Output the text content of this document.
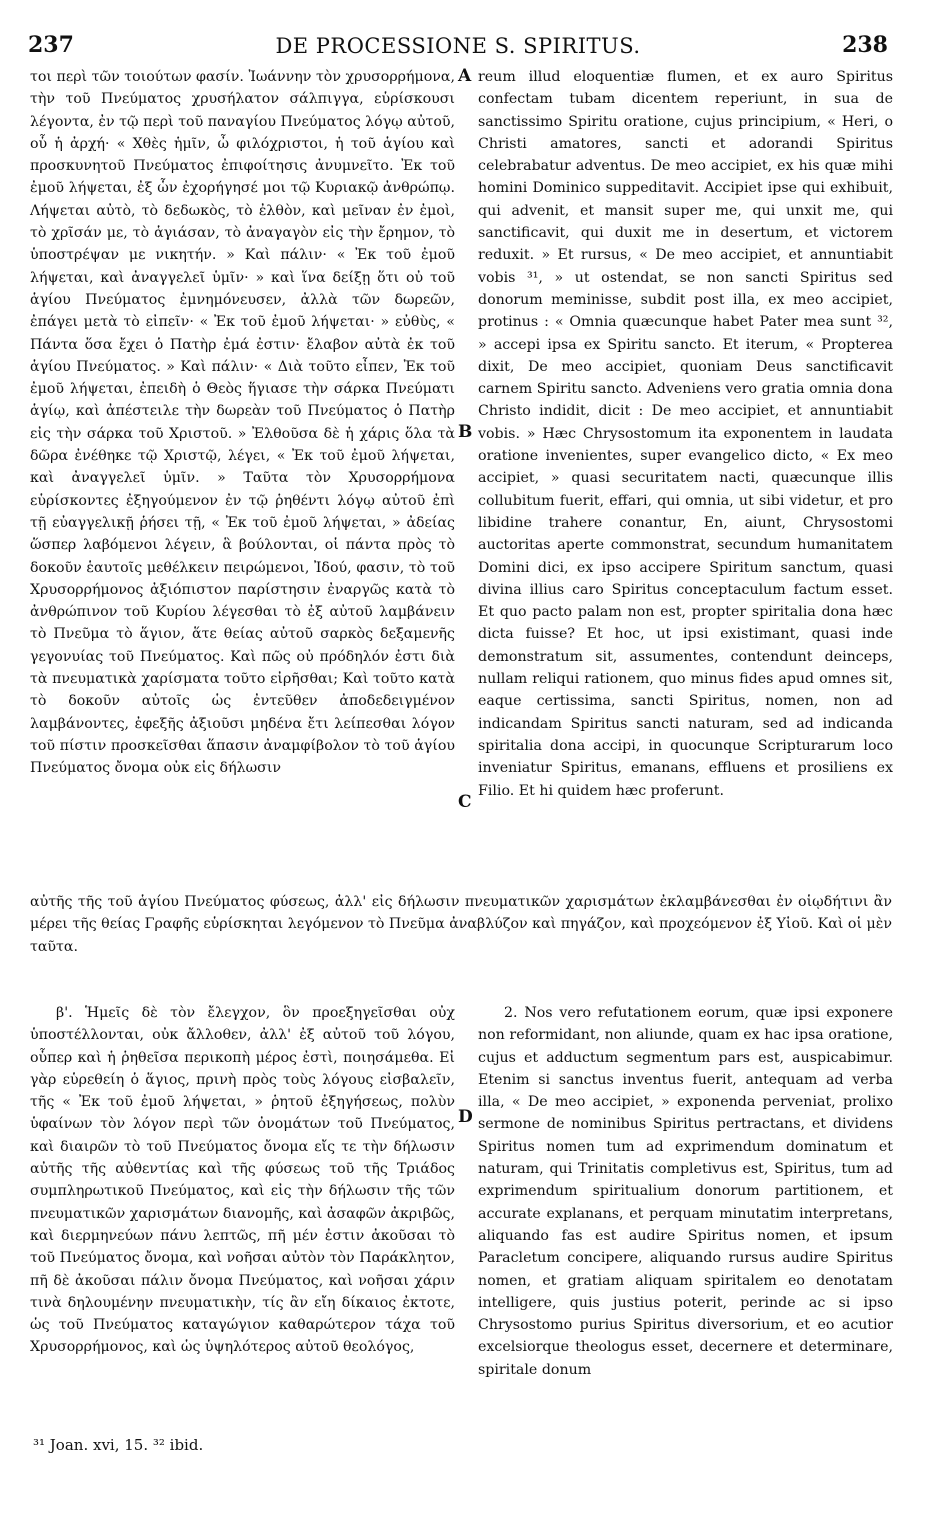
237	DE PROCESSIONE S. SPIRITUS.	238
A
B
C
D

τοι περὶ τῶν τοιούτων φασίν. Ἰωάννην τὸν χρυσορρήμονα, τὴν τοῦ Πνεύματος χρυσήλατον σάλπιγγα, εὑρίσκουσι λέγοντα, ἐν τῷ περὶ τοῦ παναγίου Πνεύματος λόγῳ αὐτοῦ, οὗ ἡ ἀρχή· « Χθὲς ἡμῖν, ὦ φιλόχριστοι, ἡ τοῦ ἁγίου καὶ προσκυνητοῦ Πνεύματος ἐπιφοίτησις ἀνυμνεῖτο. Ἐκ τοῦ ἐμοῦ λήψεται, ἐξ ὧν ἐχορήγησέ μοι τῷ Κυριακῷ ἀνθρώπῳ. Λήψεται αὐτὸ, τὸ δεδωκὸς, τὸ ἐλθὸν, καὶ μεῖναν ἐν ἐμοὶ, τὸ χρῖσάν με, τὸ ἁγιάσαν, τὸ ἀναγαγὸν εἰς τὴν ἔρημον, τὸ ὑποστρέψαν με νικητήν. » Καὶ πάλιν· « Ἐκ τοῦ ἐμοῦ λήψεται, καὶ ἀναγγελεῖ ὑμῖν· » καὶ ἵνα δείξῃ ὅτι οὐ τοῦ ἁγίου Πνεύματος ἐμνημόνευσεν, ἀλλὰ τῶν δωρεῶν, ἐπάγει μετὰ τὸ εἰπεῖν· « Ἐκ τοῦ ἐμοῦ λήψεται· » εὐθὺς, « Πάντα ὅσα ἔχει ὁ Πατὴρ ἐμά ἐστιν· ἔλαβον αὐτὰ ἐκ τοῦ ἁγίου Πνεύματος. » Καὶ πάλιν· « Διὰ τοῦτο εἶπεν, Ἐκ τοῦ ἐμοῦ λήψεται, ἐπειδὴ ὁ Θεὸς ἥγιασε τὴν σάρκα Πνεύματι ἁγίῳ, καὶ ἀπέστειλε τὴν δωρεὰν τοῦ Πνεύματος ὁ Πατὴρ εἰς τὴν σάρκα τοῦ Χριστοῦ. » Ἐλθοῦσα δὲ ἡ χάρις ὅλα τὰ δῶρα ἐνέθηκε τῷ Χριστῷ, λέγει, « Ἐκ τοῦ ἐμοῦ λήψεται, καὶ ἀναγγελεῖ ὑμῖν. » Ταῦτα τὸν Χρυσορρήμονα εὑρίσκοντες ἐξηγούμενον ἐν τῷ ῥηθέντι λόγῳ αὐτοῦ ἐπὶ τῇ εὐαγγελικῇ ῥήσει τῇ, « Ἐκ τοῦ ἐμοῦ λήψεται, » ἀδείας ὥσπερ λαβόμενοι λέγειν, ἃ βούλονται, οἱ πάντα πρὸς τὸ δοκοῦν ἑαυτοῖς μεθέλκειν πειρώμενοι, Ἰδού, φασιν, τὸ τοῦ Χρυσορρήμονος ἀξιόπιστον παρίστησιν ἐναργῶς κατὰ τὸ ἀνθρώπινον τοῦ Κυρίου λέγεσθαι τὸ ἐξ αὐτοῦ λαμβάνειν τὸ Πνεῦμα τὸ ἅγιον, ἅτε θείας αὐτοῦ σαρκὸς δεξαμενῆς γεγονυίας τοῦ Πνεύματος. Καὶ πῶς οὐ πρόδηλόν ἐστι διὰ τὰ πνευματικὰ χαρίσματα τοῦτο εἰρῆσθαι; Καὶ τοῦτο κατὰ τὸ δοκοῦν αὐτοῖς ὡς ἐντεῦθεν ἀποδεδειγμένον λαμβάνοντες, ἐφεξῆς ἀξιοῦσι μηδένα ἔτι λείπεσθαι λόγον τοῦ πίστιν προσκεῖσθαι ἅπασιν ἀναμφίβολον τὸ τοῦ ἁγίου Πνεύματος ὄνομα οὐκ εἰς δήλωσιν

reum illud eloquentiæ flumen, et ex auro Spiritus confectam tubam dicentem reperiunt, in sua de sanctissimo Spiritu oratione, cujus principium, « Heri, o Christi amatores, sancti et adorandi Spiritus celebrabatur adventus. De meo accipiet, ex his quæ mihi homini Dominico suppeditavit. Accipiet ipse qui exhibuit, qui advenit, et mansit super me, qui unxit me, qui sanctificavit, qui duxit me in desertum, et victorem reduxit. » Et rursus, « De meo accipiet, et annuntiabit vobis ³¹, » ut ostendat, se non sancti Spiritus sed donorum meminisse, subdit post illa, ex meo accipiet, protinus : « Omnia quæcunque habet Pater mea sunt ³², » accepi ipsa ex Spiritu sancto. Et iterum, « Propterea dixit, De meo accipiet, quoniam Deus sanctificavit carnem Spiritu sancto. Adveniens vero gratia omnia dona Christo indidit, dicit : De meo accipiet, et annuntiabit vobis. » Hæc Chrysostomum ita exponentem in laudata oratione invenientes, super evangelico dicto, « Ex meo accipiet, » quasi securitatem nacti, quæcunque illis collubitum fuerit, effari, qui omnia, ut sibi videtur, et pro libidine trahere conantur, En, aiunt, Chrysostomi auctoritas aperte commonstrat, secundum humanitatem Domini dici, ex ipso accipere Spiritum sanctum, quasi divina illius caro Spiritus conceptaculum factum esset. Et quo pacto palam non est, propter spiritalia dona hæc dicta fuisse? Et hoc, ut ipsi existimant, quasi inde demonstratum sit, assumentes, contendunt deinceps, nullam reliqui rationem, quo minus fides apud omnes sit, eaque certissima, sancti Spiritus, nomen, non ad indicandam Spiritus sancti naturam, sed ad indicanda spiritalia dona accipi, in quocunque Scripturarum loco inveniatur Spiritus, emanans, effluens et prosiliens ex Filio. Et hi quidem hæc proferunt.

αὐτῆς τῆς τοῦ ἁγίου Πνεύματος φύσεως, ἀλλ' εἰς δήλωσιν πνευματικῶν χαρισμάτων ἐκλαμβάνεσθαι ἐν οἱῳδήτινι ἂν μέρει τῆς θείας Γραφῆς εὑρίσκηται λεγόμενον τὸ Πνεῦμα ἀναβλύζον καὶ πηγάζον, καὶ προχεόμενον ἐξ Υἱοῦ. Καὶ οἱ μὲν ταῦτα.

β'. Ἡμεῖς δὲ τὸν ἔλεγχον, ὃν προεξηγεῖσθαι οὐχ ὑποστέλλονται, οὐκ ἄλλοθεν, ἀλλ' ἐξ αὐτοῦ τοῦ λόγου, οὗπερ καὶ ἡ ῥηθεῖσα περικοπὴ μέρος ἐστὶ, ποιησάμεθα. Εἰ γὰρ εὑρεθείη ὁ ἅγιος, πρινὴ πρὸς τοὺς λόγους εἰσβαλεῖν, τῆς « Ἐκ τοῦ ἐμοῦ λήψεται, » ῥητοῦ ἐξηγήσεως, πολὺν ὑφαίνων τὸν λόγον περὶ τῶν ὀνομάτων τοῦ Πνεύματος, καὶ διαιρῶν τὸ τοῦ Πνεύματος ὄνομα εἴς τε τὴν δήλωσιν αὐτῆς τῆς αὐθεντίας καὶ τῆς φύσεως τοῦ τῆς Τριάδος συμπληρωτικοῦ Πνεύματος, καὶ εἰς τὴν δήλωσιν τῆς τῶν πνευματικῶν χαρισμάτων διανομῆς, καὶ ἀσαφῶν ἀκριβῶς, καὶ διερμηνεύων πάνυ λεπτῶς, πῆ μέν ἐστιν ἀκοῦσαι τὸ τοῦ Πνεύματος ὄνομα, καὶ νοῆσαι αὐτὸν τὸν Παράκλητον, πῆ δὲ ἀκοῦσαι πάλιν ὄνομα Πνεύματος, καὶ νοῆσαι χάριν τινὰ δηλουμένην πνευματικὴν, τίς ἂν εἴη δίκαιος ἐκτοτε, ὡς τοῦ Πνεύματος καταγώγιον καθαρώτερον τάχα τοῦ Χρυσορρήμονος, καὶ ὡς ὑψηλότερος αὐτοῦ θεολόγος,

2. Nos vero refutationem eorum, quæ ipsi exponere non reformidant, non aliunde, quam ex hac ipsa oratione, cujus et adductum segmentum pars est, auspicabimur. Etenim si sanctus inventus fuerit, antequam ad verba illa, « De meo accipiet, » exponenda perveniat, prolixo sermone de nominibus Spiritus pertractans, et dividens Spiritus nomen tum ad exprimendum dominatum et naturam, qui Trinitatis completivus est, Spiritus, tum ad exprimendum spiritualium donorum partitionem, et accurate explanans, et perquam minutatim interpretans, aliquando fas est audire Spiritus nomen, et ipsum Paracletum concipere, aliquando rursus audire Spiritus nomen, et gratiam aliquam spiritalem eo denotatam intelligere, quis justius poterit, perinde ac si ipso Chrysostomo purius Spiritus diversorium, et eo acutior excelsiorque theologus esset, decernere et determinare, spiritale donum

³¹ Joan. xvi, 15. ³² ibid.
